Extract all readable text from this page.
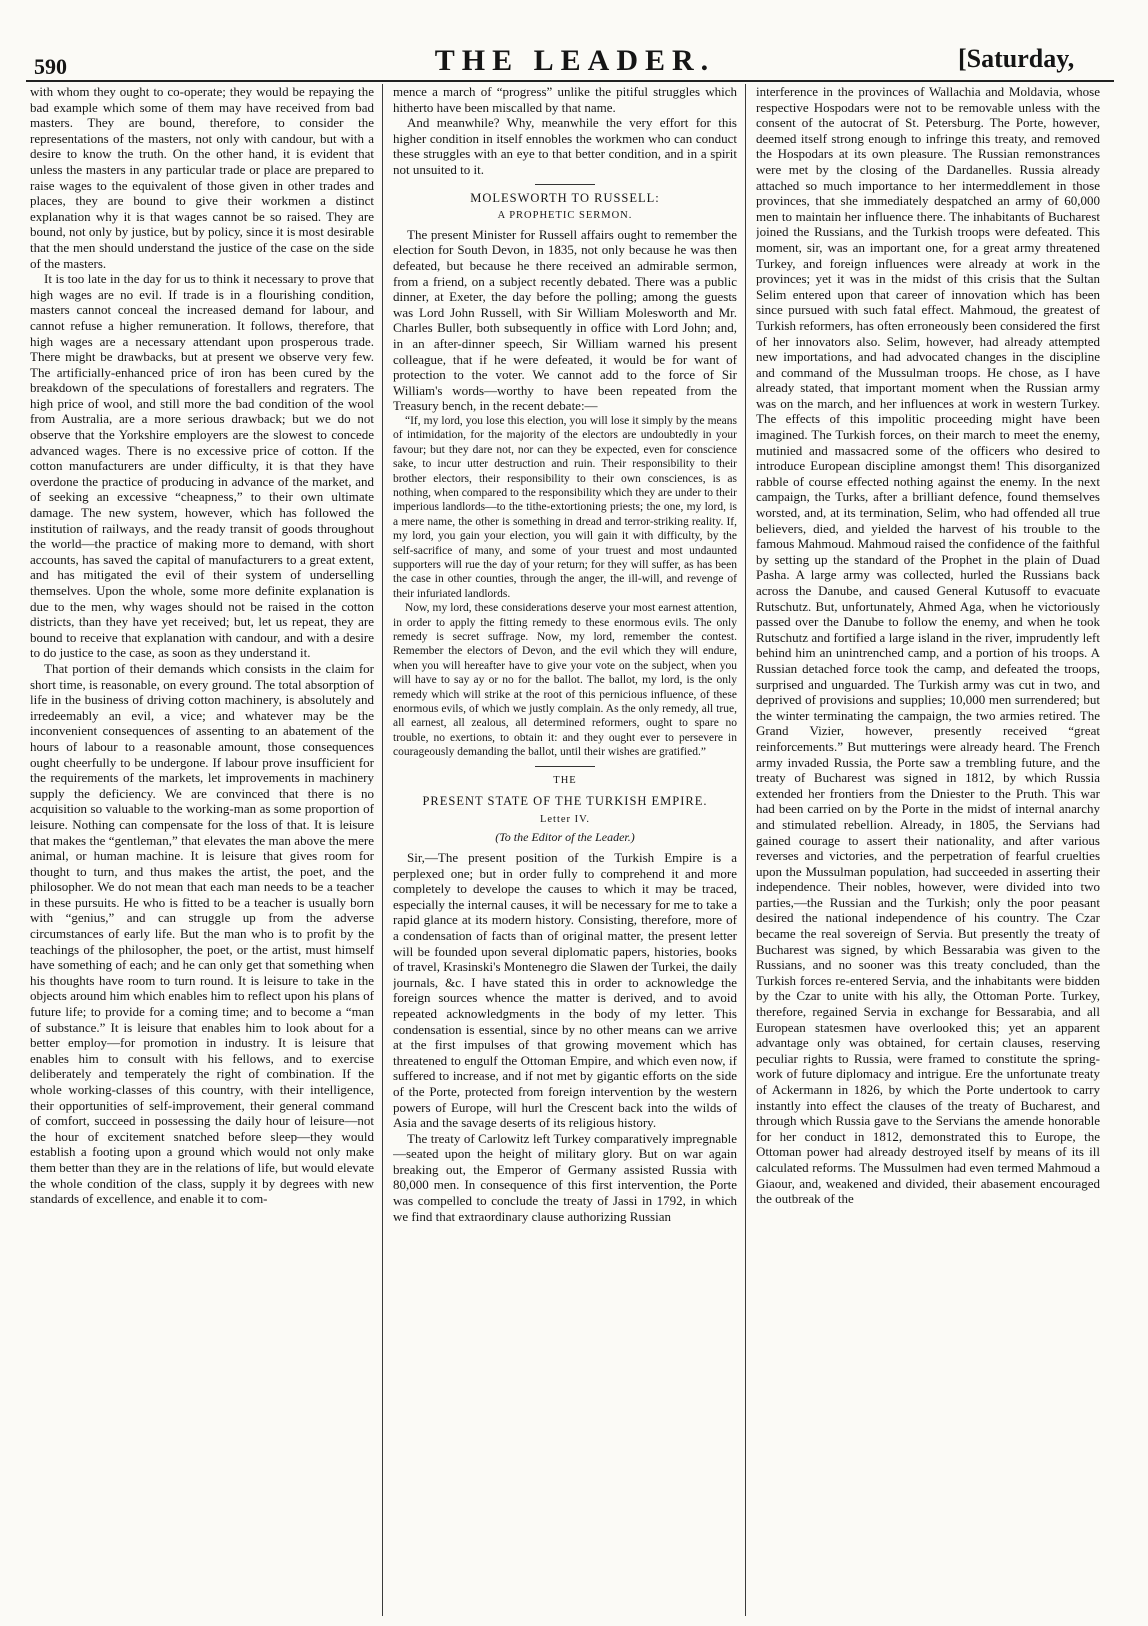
590	THE LEADER.	[Saturday,

with whom they ought to co-operate; they would be repaying the bad example which some of them may have received from bad masters. They are bound, therefore, to consider the representations of the masters, not only with candour, but with a desire to know the truth. On the other hand, it is evident that unless the masters in any particular trade or place are prepared to raise wages to the equivalent of those given in other trades and places, they are bound to give their workmen a distinct explanation why it is that wages cannot be so raised. They are bound, not only by justice, but by policy, since it is most desirable that the men should understand the justice of the case on the side of the masters.

It is too late in the day for us to think it necessary to prove that high wages are no evil. If trade is in a flourishing condition, masters cannot conceal the increased demand for labour, and cannot refuse a higher remuneration. It follows, therefore, that high wages are a necessary attendant upon prosperous trade. There might be drawbacks, but at present we observe very few. The artificially-enhanced price of iron has been cured by the breakdown of the speculations of forestallers and regraters. The high price of wool, and still more the bad condition of the wool from Australia, are a more serious drawback; but we do not observe that the Yorkshire employers are the slowest to concede advanced wages. There is no excessive price of cotton. If the cotton manufacturers are under difficulty, it is that they have overdone the practice of producing in advance of the market, and of seeking an excessive “cheapness,” to their own ultimate damage. The new system, however, which has followed the institution of railways, and the ready transit of goods throughout the world—the practice of making more to demand, with short accounts, has saved the capital of manufacturers to a great extent, and has mitigated the evil of their system of underselling themselves. Upon the whole, some more definite explanation is due to the men, why wages should not be raised in the cotton districts, than they have yet received; but, let us repeat, they are bound to receive that explanation with candour, and with a desire to do justice to the case, as soon as they understand it.

That portion of their demands which consists in the claim for short time, is reasonable, on every ground. The total absorption of life in the business of driving cotton machinery, is absolutely and irredeemably an evil, a vice; and whatever may be the inconvenient consequences of assenting to an abatement of the hours of labour to a reasonable amount, those consequences ought cheerfully to be undergone. If labour prove insufficient for the requirements of the markets, let improvements in machinery supply the deficiency. We are convinced that there is no acquisition so valuable to the working-man as some proportion of leisure. Nothing can compensate for the loss of that. It is leisure that makes the “gentleman,” that elevates the man above the mere animal, or human machine. It is leisure that gives room for thought to turn, and thus makes the artist, the poet, and the philosopher. We do not mean that each man needs to be a teacher in these pursuits. He who is fitted to be a teacher is usually born with “genius,” and can struggle up from the adverse circumstances of early life. But the man who is to profit by the teachings of the philosopher, the poet, or the artist, must himself have something of each; and he can only get that something when his thoughts have room to turn round. It is leisure to take in the objects around him which enables him to reflect upon his plans of future life; to provide for a coming time; and to become a “man of substance.” It is leisure that enables him to look about for a better employ—for promotion in industry. It is leisure that enables him to consult with his fellows, and to exercise deliberately and temperately the right of combination. If the whole working-classes of this country, with their intelligence, their opportunities of self-improvement, their general command of comfort, succeed in possessing the daily hour of leisure—not the hour of excitement snatched before sleep—they would establish a footing upon a ground which would not only make them better than they are in the relations of life, but would elevate the whole condition of the class, supply it by degrees with new standards of excellence, and enable it to com-

mence a march of “progress” unlike the pitiful struggles which hitherto have been miscalled by that name.

And meanwhile? Why, meanwhile the very effort for this higher condition in itself ennobles the workmen who can conduct these struggles with an eye to that better condition, and in a spirit not unsuited to it.

MOLESWORTH TO RUSSELL:
A PROPHETIC SERMON.

The present Minister for Russell affairs ought to remember the election for South Devon, in 1835, not only because he was then defeated, but because he there received an admirable sermon, from a friend, on a subject recently debated. There was a public dinner, at Exeter, the day before the polling; among the guests was Lord John Russell, with Sir William Molesworth and Mr. Charles Buller, both subsequently in office with Lord John; and, in an after-dinner speech, Sir William warned his present colleague, that if he were defeated, it would be for want of protection to the voter. We cannot add to the force of Sir William's words—worthy to have been repeated from the Treasury bench, in the recent debate:—

“If, my lord, you lose this election, you will lose it simply by the means of intimidation, for the majority of the electors are undoubtedly in your favour; but they dare not, nor can they be expected, even for conscience sake, to incur utter destruction and ruin. Their responsibility to their brother electors, their responsibility to their own consciences, is as nothing, when compared to the responsibility which they are under to their imperious landlords—to the tithe-extortioning priests; the one, my lord, is a mere name, the other is something in dread and terror-striking reality. If, my lord, you gain your election, you will gain it with difficulty, by the self-sacrifice of many, and some of your truest and most undaunted supporters will rue the day of your return; for they will suffer, as has been the case in other counties, through the anger, the ill-will, and revenge of their infuriated landlords.

Now, my lord, these considerations deserve your most earnest attention, in order to apply the fitting remedy to these enormous evils. The only remedy is secret suffrage. Now, my lord, remember the contest. Remember the electors of Devon, and the evil which they will endure, when you will hereafter have to give your vote on the subject, when you will have to say ay or no for the ballot. The ballot, my lord, is the only remedy which will strike at the root of this pernicious influence, of these enormous evils, of which we justly complain. As the only remedy, all true, all earnest, all zealous, all determined reformers, ought to spare no trouble, no exertions, to obtain it: and they ought ever to persevere in courageously demanding the ballot, until their wishes are gratified.”

THE
PRESENT STATE OF THE TURKISH EMPIRE.
Letter IV.
(To the Editor of the Leader.)

Sir,—The present position of the Turkish Empire is a perplexed one; but in order fully to comprehend it and more completely to develope the causes to which it may be traced, especially the internal causes, it will be necessary for me to take a rapid glance at its modern history. Consisting, therefore, more of a condensation of facts than of original matter, the present letter will be founded upon several diplomatic papers, histories, books of travel, Krasinski's Montenegro die Slawen der Turkei, the daily journals, &c. I have stated this in order to acknowledge the foreign sources whence the matter is derived, and to avoid repeated acknowledgments in the body of my letter. This condensation is essential, since by no other means can we arrive at the first impulses of that growing movement which has threatened to engulf the Ottoman Empire, and which even now, if suffered to increase, and if not met by gigantic efforts on the side of the Porte, protected from foreign intervention by the western powers of Europe, will hurl the Crescent back into the wilds of Asia and the savage deserts of its religious history.

The treaty of Carlowitz left Turkey comparatively impregnable—seated upon the height of military glory. But on war again breaking out, the Emperor of Germany assisted Russia with 80,000 men. In consequence of this first intervention, the Porte was compelled to conclude the treaty of Jassi in 1792, in which we find that extraordinary clause authorizing Russian

interference in the provinces of Wallachia and Moldavia, whose respective Hospodars were not to be removable unless with the consent of the autocrat of St. Petersburg. The Porte, however, deemed itself strong enough to infringe this treaty, and removed the Hospodars at its own pleasure. The Russian remonstrances were met by the closing of the Dardanelles. Russia already attached so much importance to her intermeddlement in those provinces, that she immediately despatched an army of 60,000 men to maintain her influence there. The inhabitants of Bucharest joined the Russians, and the Turkish troops were defeated. This moment, sir, was an important one, for a great army threatened Turkey, and foreign influences were already at work in the provinces; yet it was in the midst of this crisis that the Sultan Selim entered upon that career of innovation which has been since pursued with such fatal effect. Mahmoud, the greatest of Turkish reformers, has often erroneously been considered the first of her innovators also. Selim, however, had already attempted new importations, and had advocated changes in the discipline and command of the Mussulman troops. He chose, as I have already stated, that important moment when the Russian army was on the march, and her influences at work in western Turkey. The effects of this impolitic proceeding might have been imagined. The Turkish forces, on their march to meet the enemy, mutinied and massacred some of the officers who desired to introduce European discipline amongst them! This disorganized rabble of course effected nothing against the enemy. In the next campaign, the Turks, after a brilliant defence, found themselves worsted, and, at its termination, Selim, who had offended all true believers, died, and yielded the harvest of his trouble to the famous Mahmoud. Mahmoud raised the confidence of the faithful by setting up the standard of the Prophet in the plain of Duad Pasha. A large army was collected, hurled the Russians back across the Danube, and caused General Kutusoff to evacuate Rutschutz. But, unfortunately, Ahmed Aga, when he victoriously passed over the Danube to follow the enemy, and when he took Rutschutz and fortified a large island in the river, imprudently left behind him an unintrenched camp, and a portion of his troops. A Russian detached force took the camp, and defeated the troops, surprised and unguarded. The Turkish army was cut in two, and deprived of provisions and supplies; 10,000 men surrendered; but the winter terminating the campaign, the two armies retired. The Grand Vizier, however, presently received “great reinforcements.” But mutterings were already heard. The French army invaded Russia, the Porte saw a trembling future, and the treaty of Bucharest was signed in 1812, by which Russia extended her frontiers from the Dniester to the Pruth. This war had been carried on by the Porte in the midst of internal anarchy and stimulated rebellion. Already, in 1805, the Servians had gained courage to assert their nationality, and after various reverses and victories, and the perpetration of fearful cruelties upon the Mussulman population, had succeeded in asserting their independence. Their nobles, however, were divided into two parties,—the Russian and the Turkish; only the poor peasant desired the national independence of his country. The Czar became the real sovereign of Servia. But presently the treaty of Bucharest was signed, by which Bessarabia was given to the Russians, and no sooner was this treaty concluded, than the Turkish forces re-entered Servia, and the inhabitants were bidden by the Czar to unite with his ally, the Ottoman Porte. Turkey, therefore, regained Servia in exchange for Bessarabia, and all European statesmen have overlooked this; yet an apparent advantage only was obtained, for certain clauses, reserving peculiar rights to Russia, were framed to constitute the spring-work of future diplomacy and intrigue. Ere the unfortunate treaty of Ackermann in 1826, by which the Porte undertook to carry instantly into effect the clauses of the treaty of Bucharest, and through which Russia gave to the Servians the amende honorable for her conduct in 1812, demonstrated this to Europe, the Ottoman power had already destroyed itself by means of its ill calculated reforms. The Mussulmen had even termed Mahmoud a Giaour, and, weakened and divided, their abasement encouraged the outbreak of the
